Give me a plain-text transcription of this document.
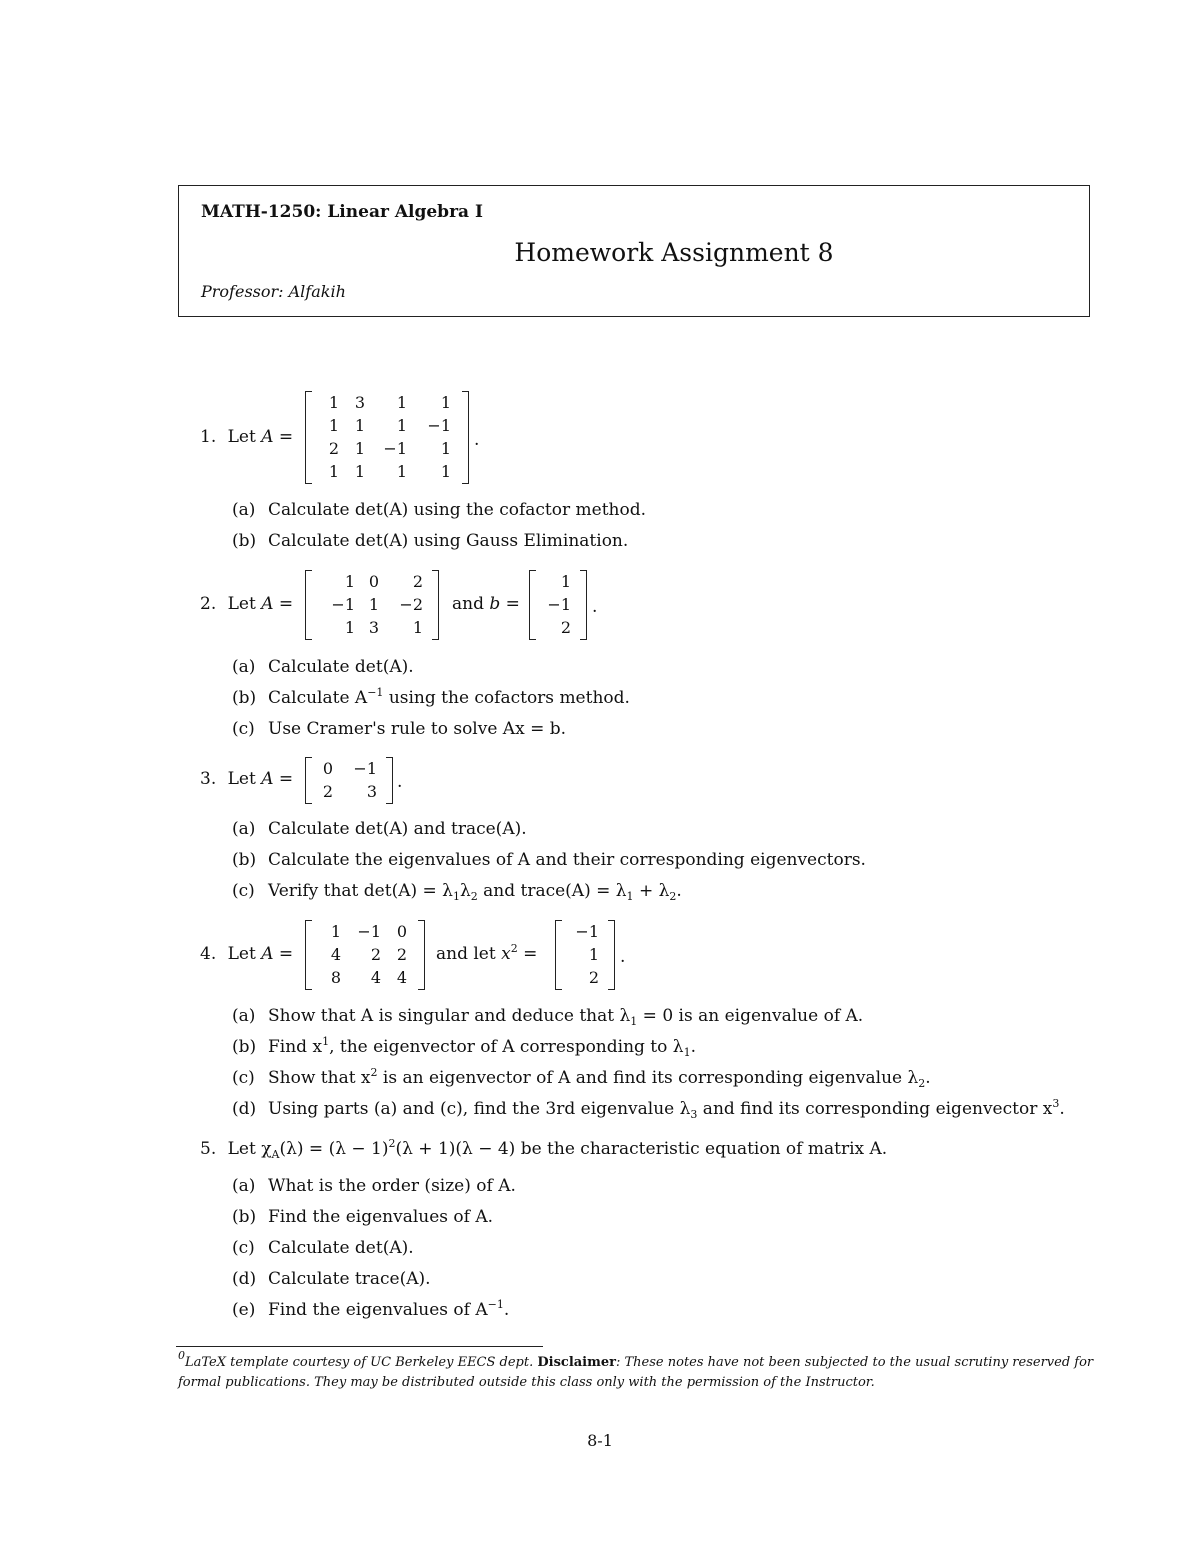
MATH-1250: Linear Algebra I
Homework Assignment 8
Professor: Alfakih
1. Let A =
1 3 1 1
1 1 1 −1
2 1 −1 1
1 1 1 1
.
(a) Calculate det(A) using the cofactor method.
(b) Calculate det(A) using Gauss Elimination.
2. Let A =
1 0 2
−1 1 −2
1 3 1
and b =
1
−1
2
.
(a) Calculate det(A).
(b) Calculate $A^{-1}$ using the cofactors method.
(c) Use Cramer's rule to solve Ax = b.
3. Let A =
0 −1
2 3 .
(a) Calculate det(A) and trace(A).
(b) Calculate the eigenvalues of A and their corresponding eigenvectors.
(c) Verify that $\det(A) = \lambda_1\lambda_2$ and trace(A) = $\lambda_1 + \lambda_2$.
4. Let A =
1 −1 0
4 2 2
8 4 4
and let $x^2$ =
−1
1
2
.
(a) Show that A is singular and deduce that $\lambda_1 = 0$ is an eigenvalue of A.
(b) Find $x^1$, the eigenvector of A corresponding to $\lambda_1$.
(c) Show that $x^2$ is an eigenvector of A and find its corresponding eigenvalue $\lambda_2$.
(d) Using parts (a) and (c), find the 3rd eigenvalue $\lambda_3$ and find its corresponding eigenvector $x^3$.
5. Let $\chi_A(\lambda) = (\lambda - 1)^2(\lambda + 1)(\lambda - 4)$ be the characteristic equation of matrix A.
(a) What is the order (size) of A.
(b) Find the eigenvalues of A.
(c) Calculate det(A).
(d) Calculate trace(A).
(e) Find the eigenvalues of $A^{-1}$.
$^0$LaTeX template courtesy of UC Berkeley EECS dept. Disclaimer: These notes have not been subjected to the usual scrutiny reserved for formal publications. They may be distributed outside this class only with the permission of the Instructor.
8-1
